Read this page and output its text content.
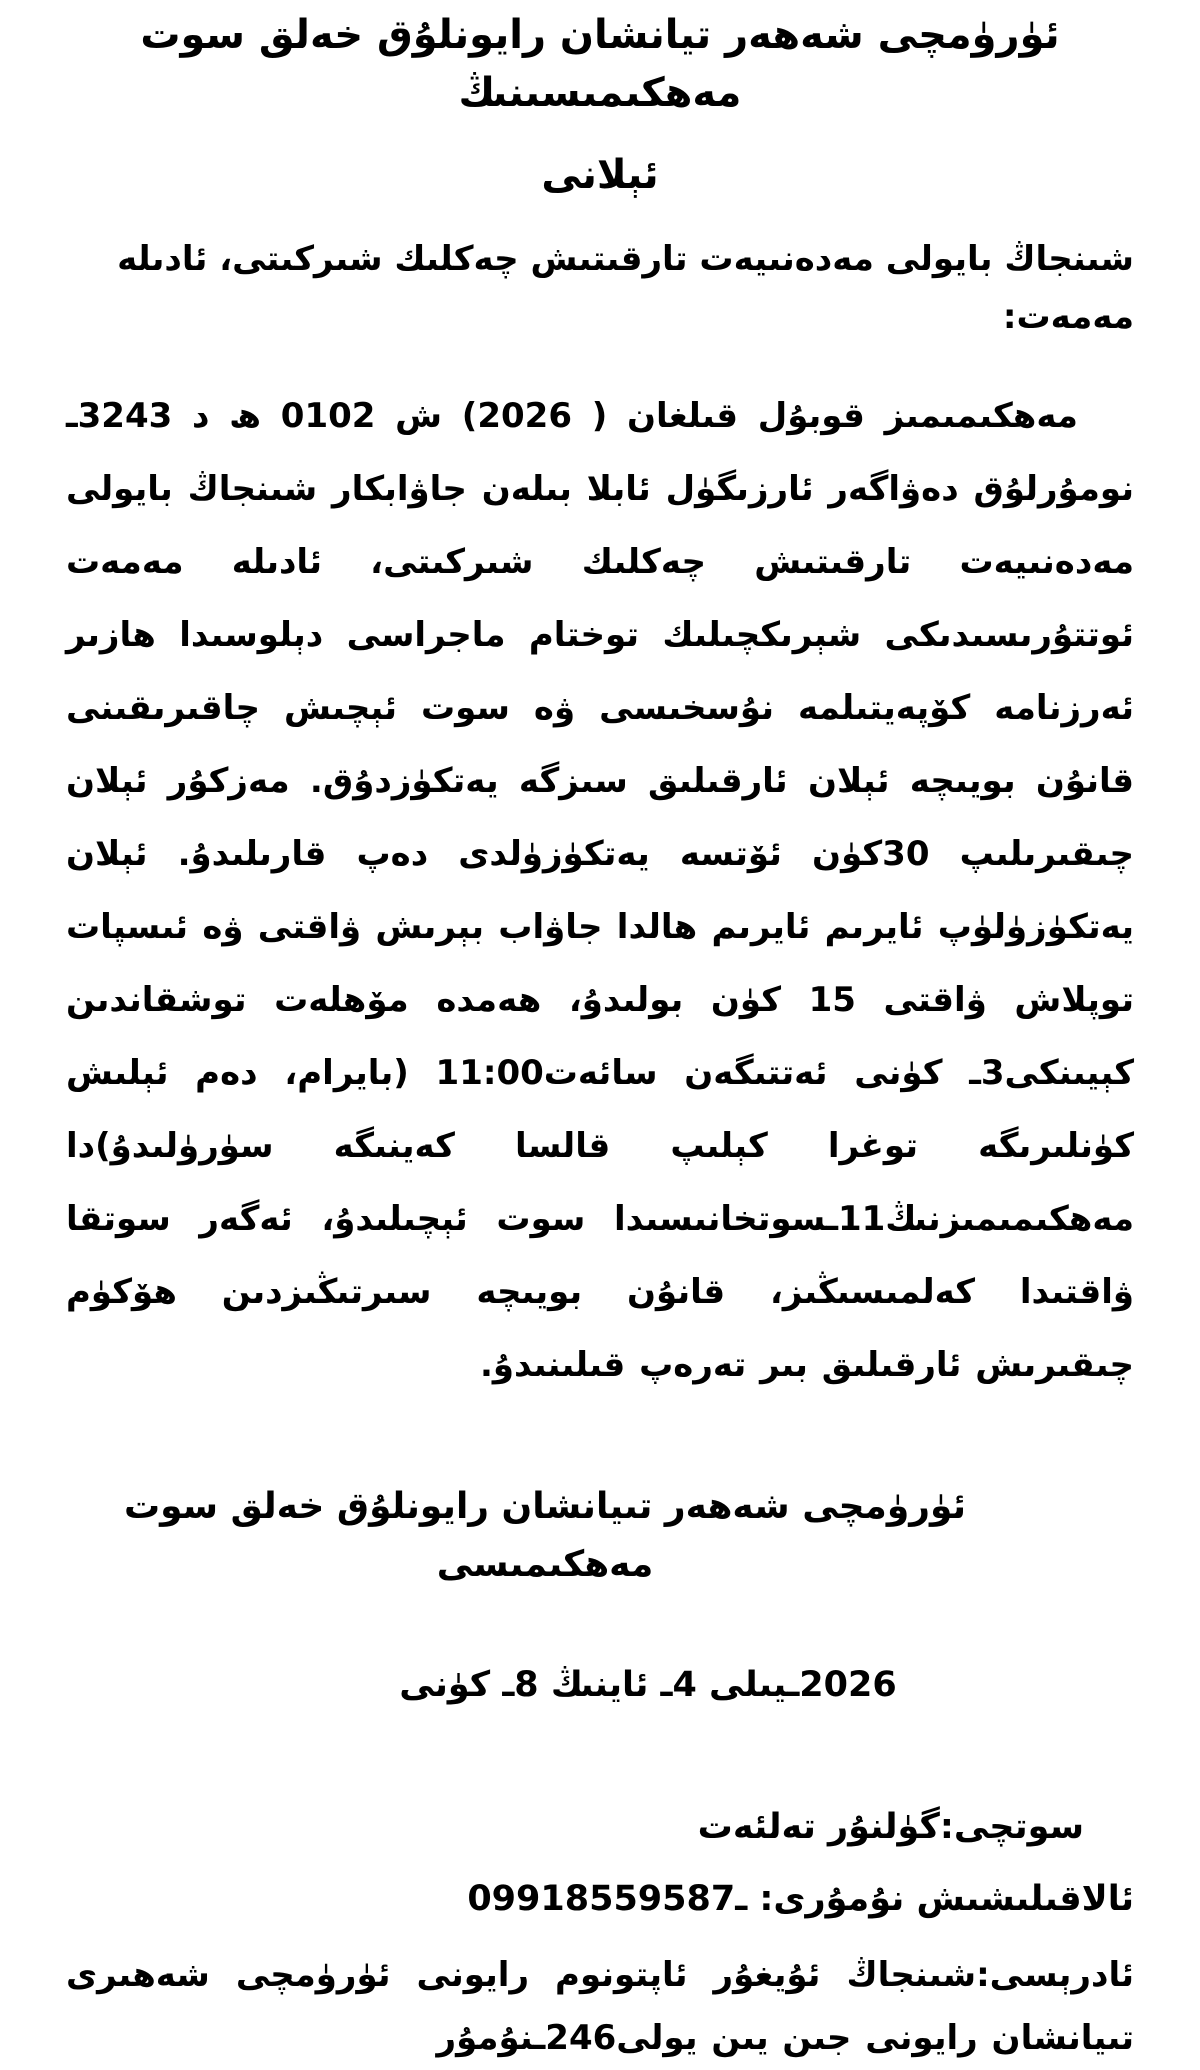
ئۈرۈمچى شەھەر تيانشان رايونلۇق خەلق سوت مەھكىمىسىنىڭ
ئېلانى

شىنجاڭ بايولى مەدەنىيەت تارقىتىش چەكلىك شىركىتى، ئادىلە مەمەت:

مەھكىمىمىز قوبۇل قىلغان ( 2026) ش 0102 ھ د 3243ـ نومۇرلۇق دەۋاگەر ئارزىگۈل ئابلا بىلەن جاۋابكار شىنجاڭ بايولى مەدەنىيەت تارقىتىش چەكلىك شىركىتى، ئادىلە مەمەت ئوتتۇرىسىدىكى شېرىكچىلىك توختام ماجراسى دېلوسىدا ھازىر ئەرزنامە كۆپەيتىلمە نۇسخىسى ۋە سوت ئېچىش چاقىرىقىنى قانۇن بويىچە ئېلان ئارقىلىق سىزگە يەتكۈزدۇق. مەزكۇر ئېلان چىقىرىلىپ 30كۈن ئۆتسە يەتكۈزۈلدى دەپ قارىلىدۇ. ئېلان يەتكۈزۈلۈپ ئايرىم ئايرىم ھالدا جاۋاب بېرىش ۋاقتى ۋە ئىسپات توپلاش ۋاقتى 15 كۈن بولىدۇ، ھەمدە مۆھلەت توشقاندىن كېيىنكى3ـ كۈنى ئەتتىگەن سائەت11:00 (بايرام، دەم ئېلىش كۈنلىرىگە توغرا كېلىپ قالسا كەينىگە سۈرۈلىدۇ)دا مەھكىمىمىزنىڭ11ـسوتخانىسىدا سوت ئېچىلىدۇ، ئەگەر سوتقا ۋاقتىدا كەلمىسىڭىز، قانۇن بويىچە سىرتىڭىزدىن ھۆكۈم چىقىرىش ئارقىلىق بىر تەرەپ قىلىنىدۇ.

ئۈرۈمچى شەھەر تىيانشان رايونلۇق خەلق سوت مەھكىمىسى

2026ـيىلى 4ـ ئاينىڭ 8ـ كۈنى

سوتچى:گۈلنۇر تەلئەت

ئالاقىلىشىش نۇمۇرى: 0991ـ8559587

ئادرېسى:شىنجاڭ ئۇيغۇر ئاپتونوم رايونى ئۈرۈمچى شەھىرى تىيانشان رايونى جىن يىن يولى246ـنۇمۇر
